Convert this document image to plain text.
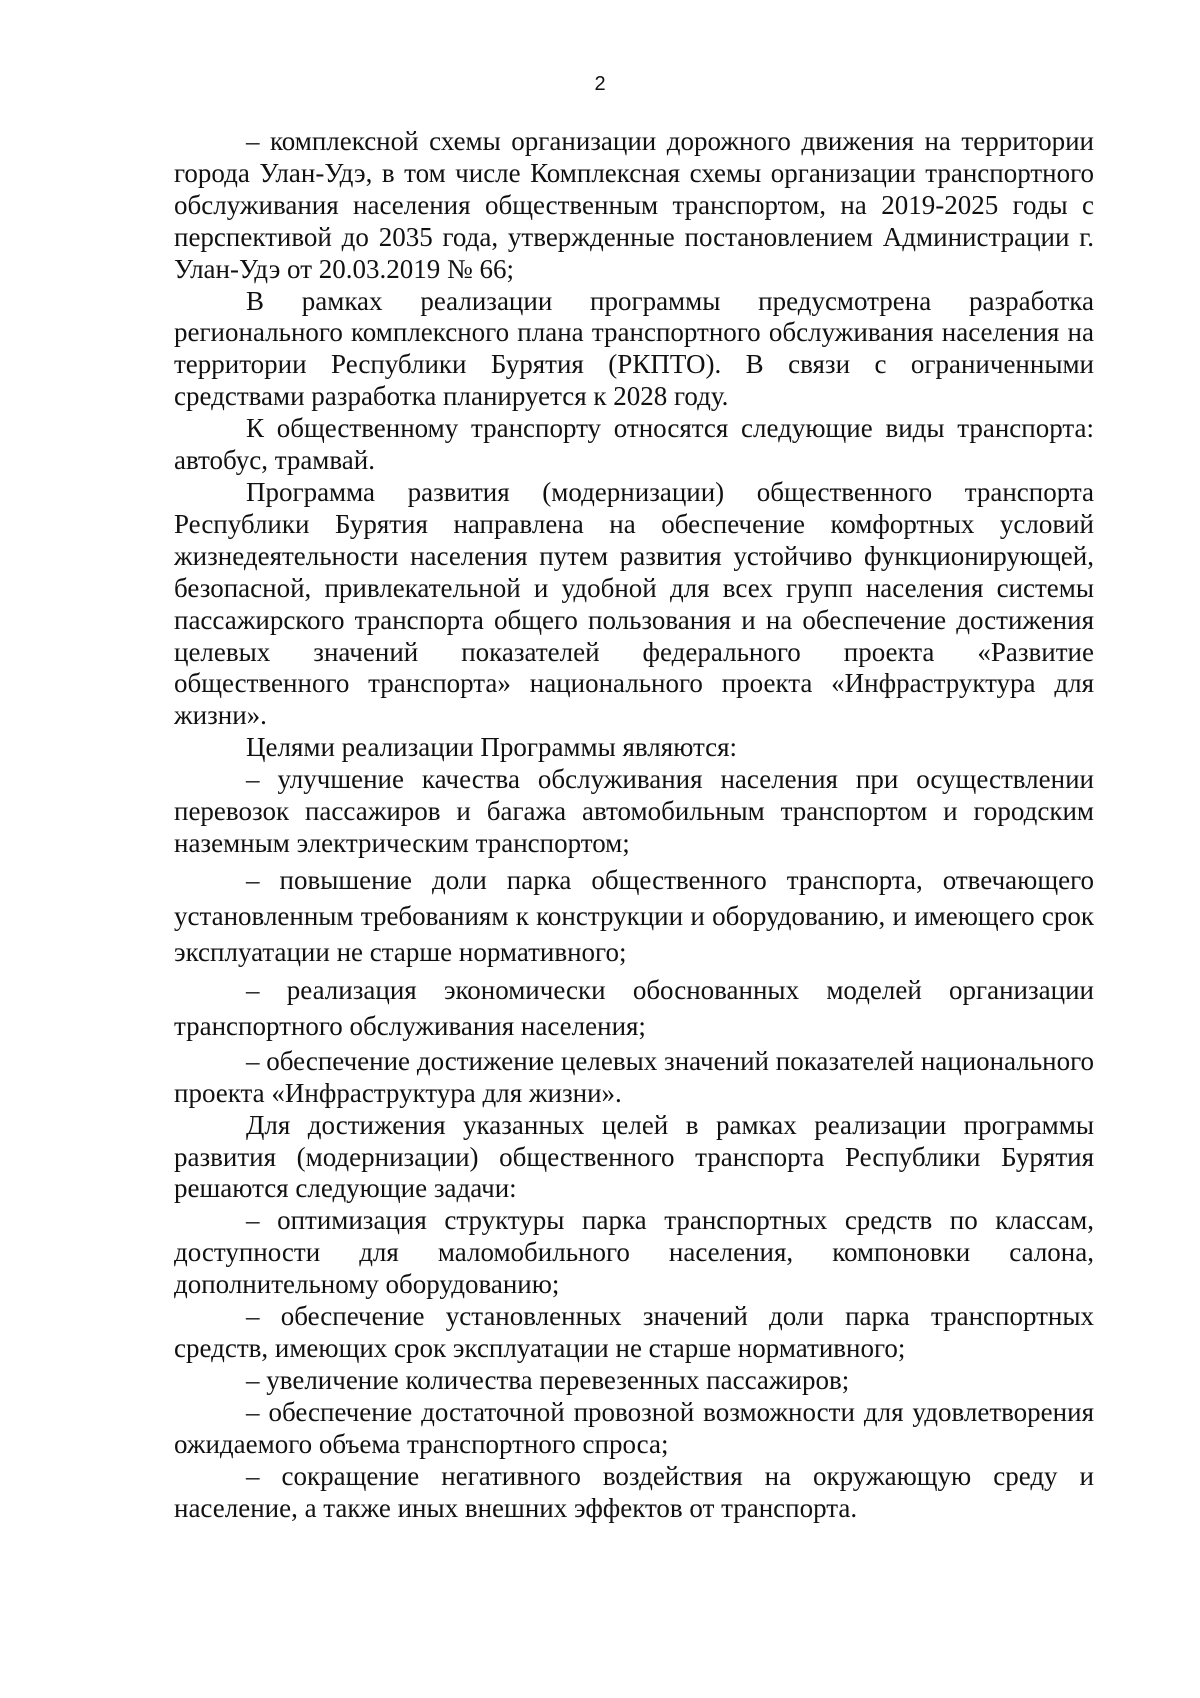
2

– комплексной схемы организации дорожного движения на территории города Улан-Удэ, в том числе Комплексная схемы организации транспортного обслуживания населения общественным транспортом, на 2019-2025 годы с перспективой до 2035 года, утвержденные постановлением Администрации г. Улан-Удэ от 20.03.2019 № 66;

В рамках реализации программы предусмотрена разработка регионального комплексного плана транспортного обслуживания населения на территории Республики Бурятия (РКПТО). В связи с ограниченными средствами разработка планируется к 2028 году.

К общественному транспорту относятся следующие виды транспорта: автобус, трамвай.

Программа развития (модернизации) общественного транспорта Республики Бурятия направлена на обеспечение комфортных условий жизнедеятельности населения путем развития устойчиво функционирующей, безопасной, привлекательной и удобной для всех групп населения системы пассажирского транспорта общего пользования и на обеспечение достижения целевых значений показателей федерального проекта «Развитие общественного транспорта» национального проекта «Инфраструктура для жизни».

Целями реализации Программы являются:

– улучшение качества обслуживания населения при осуществлении перевозок пассажиров и багажа автомобильным транспортом и городским наземным электрическим транспортом;

– повышение доли парка общественного транспорта, отвечающего установленным требованиям к конструкции и оборудованию, и имеющего срок эксплуатации не старше нормативного;

– реализация экономически обоснованных моделей организации транспортного обслуживания населения;

– обеспечение достижение целевых значений показателей национального проекта «Инфраструктура для жизни».

Для достижения указанных целей в рамках реализации программы развития (модернизации) общественного транспорта Республики Бурятия решаются следующие задачи:

– оптимизация структуры парка транспортных средств по классам, доступности для маломобильного населения, компоновки салона, дополнительному оборудованию;

– обеспечение установленных значений доли парка транспортных средств, имеющих срок эксплуатации не старше нормативного;

– увеличение количества перевезенных пассажиров;

– обеспечение достаточной провозной возможности для удовлетворения ожидаемого объема транспортного спроса;

– сокращение негативного воздействия на окружающую среду и население, а также иных внешних эффектов от транспорта.
